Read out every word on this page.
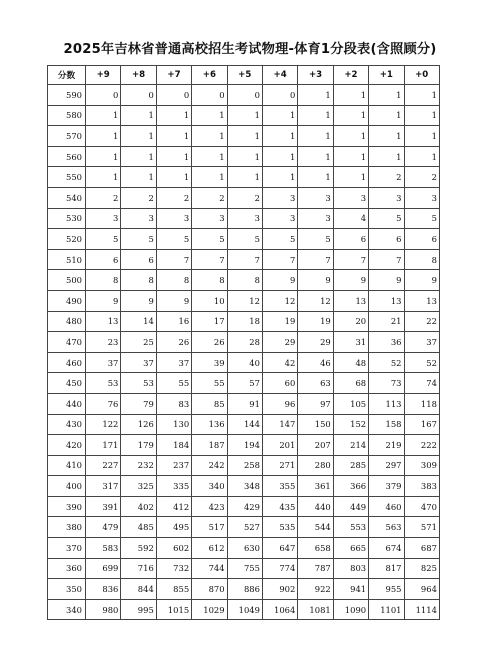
2025年吉林省普通高校招生考试物理-体育1分段表(含照顾分)
分数	+9	+8	+7	+6	+5	+4	+3	+2	+1	+0
590	0	0	0	0	0	0	1	1	1	1
580	1	1	1	1	1	1	1	1	1	1
570	1	1	1	1	1	1	1	1	1	1
560	1	1	1	1	1	1	1	1	1	1
550	1	1	1	1	1	1	1	1	2	2
540	2	2	2	2	2	3	3	3	3	3
530	3	3	3	3	3	3	3	4	5	5
520	5	5	5	5	5	5	5	6	6	6
510	6	6	7	7	7	7	7	7	7	8
500	8	8	8	8	8	9	9	9	9	9
490	9	9	9	10	12	12	12	13	13	13
480	13	14	16	17	18	19	19	20	21	22
470	23	25	26	26	28	29	29	31	36	37
460	37	37	37	39	40	42	46	48	52	52
450	53	53	55	55	57	60	63	68	73	74
440	76	79	83	85	91	96	97	105	113	118
430	122	126	130	136	144	147	150	152	158	167
420	171	179	184	187	194	201	207	214	219	222
410	227	232	237	242	258	271	280	285	297	309
400	317	325	335	340	348	355	361	366	379	383
390	391	402	412	423	429	435	440	449	460	470
380	479	485	495	517	527	535	544	553	563	571
370	583	592	602	612	630	647	658	665	674	687
360	699	716	732	744	755	774	787	803	817	825
350	836	844	855	870	886	902	922	941	955	964
340	980	995	1015	1029	1049	1064	1081	1090	1101	1114
